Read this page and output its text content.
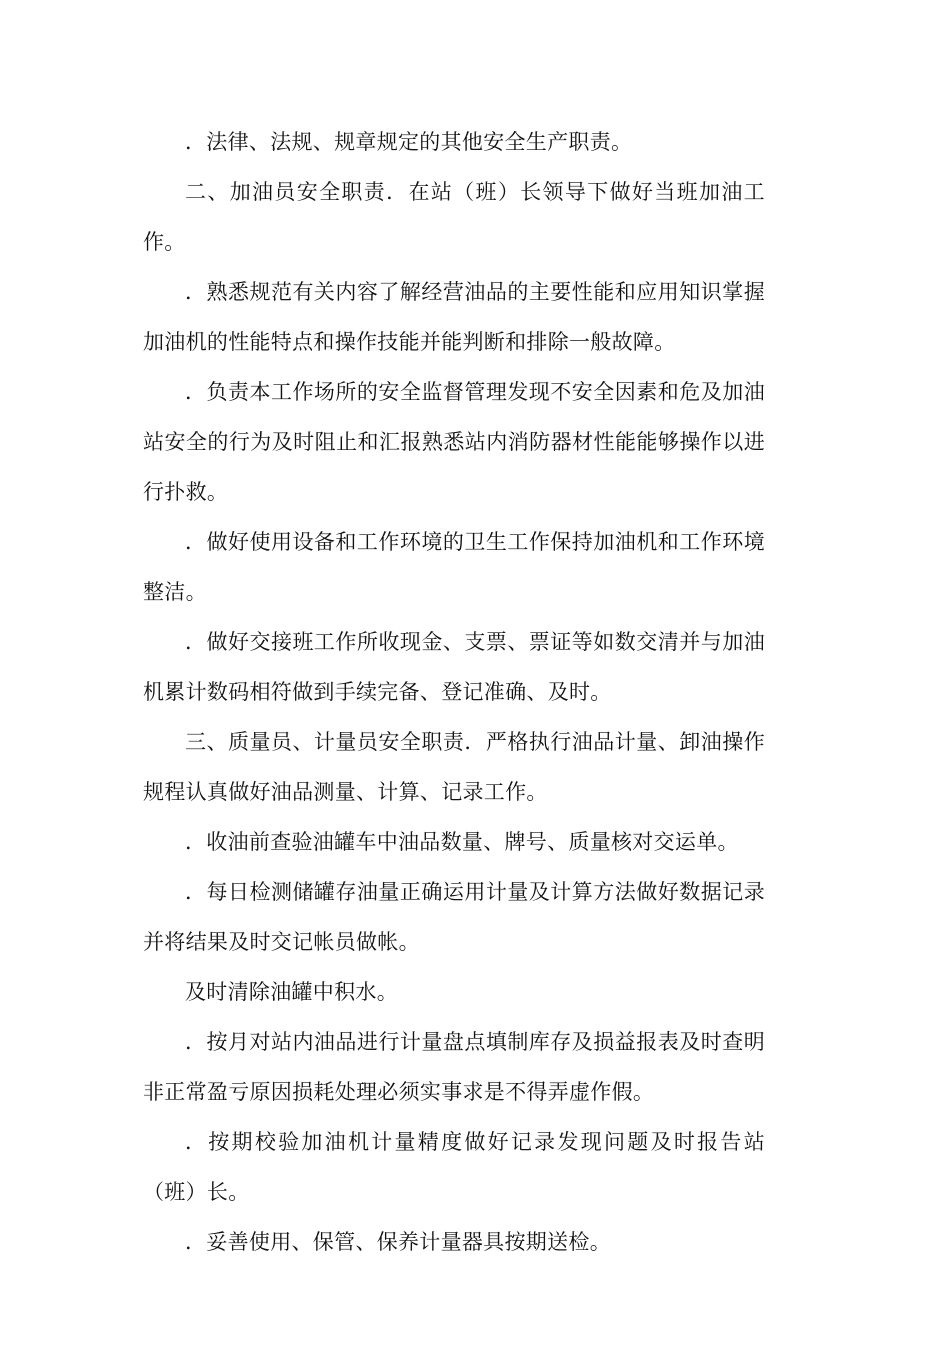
．法律、法规、规章规定的其他安全生产职责。

二、加油员安全职责．在站（班）长领导下做好当班加油工作。

．熟悉规范有关内容了解经营油品的主要性能和应用知识掌握加油机的性能特点和操作技能并能判断和排除一般故障。

．负责本工作场所的安全监督管理发现不安全因素和危及加油站安全的行为及时阻止和汇报熟悉站内消防器材性能能够操作以进行扑救。

．做好使用设备和工作环境的卫生工作保持加油机和工作环境整洁。

．做好交接班工作所收现金、支票、票证等如数交清并与加油机累计数码相符做到手续完备、登记准确、及时。

三、质量员、计量员安全职责．严格执行油品计量、卸油操作规程认真做好油品测量、计算、记录工作。

．收油前查验油罐车中油品数量、牌号、质量核对交运单。

．每日检测储罐存油量正确运用计量及计算方法做好数据记录并将结果及时交记帐员做帐。

及时清除油罐中积水。

．按月对站内油品进行计量盘点填制库存及损益报表及时查明非正常盈亏原因损耗处理必须实事求是不得弄虚作假。

．按期校验加油机计量精度做好记录发现问题及时报告站（班）长。

．妥善使用、保管、保养计量器具按期送检。
